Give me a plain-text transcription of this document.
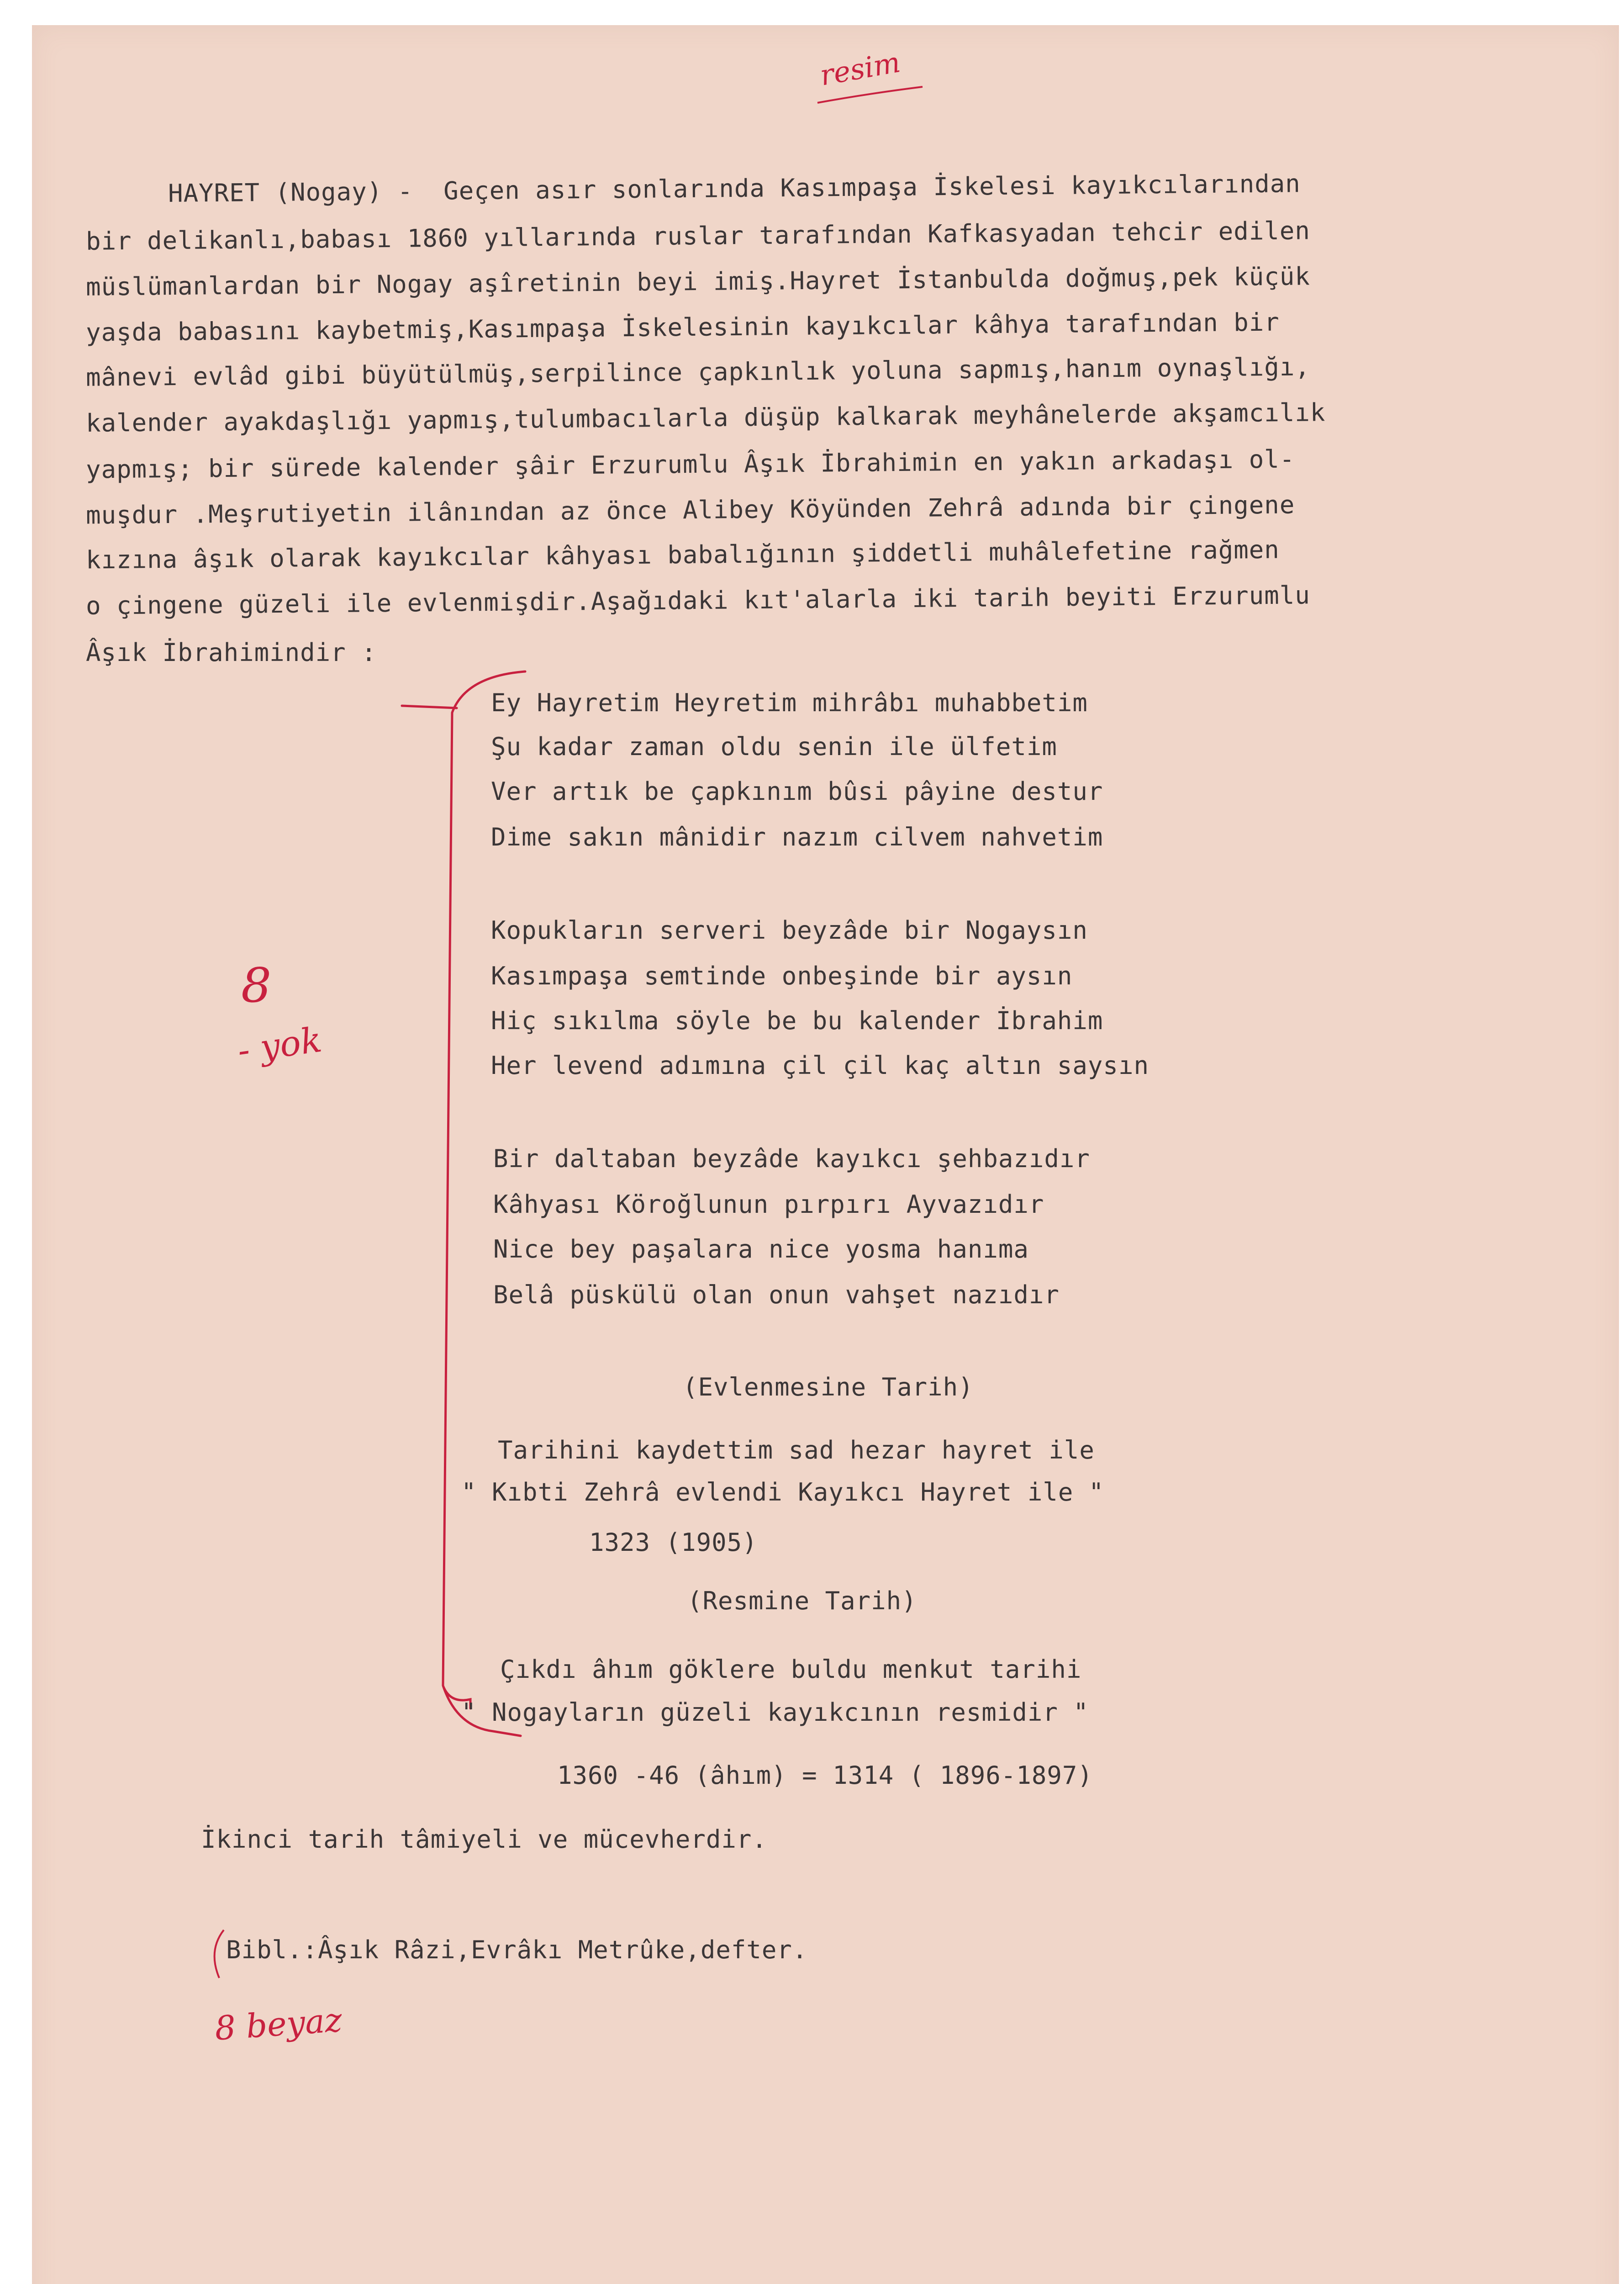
resim
8
- yok
8 beyaz
HAYRET (Nogay) -  Geçen asır sonlarında Kasımpaşa İskelesi kayıkcılarından
bir delikanlı,babası 1860 yıllarında ruslar tarafından Kafkasyadan tehcir edilen
müslümanlardan bir Nogay aşîretinin beyi imiş.Hayret İstanbulda doğmuş,pek küçük
yaşda babasını kaybetmiş,Kasımpaşa İskelesinin kayıkcılar kâhya tarafından bir
mânevi evlâd gibi büyütülmüş,serpilince çapkınlık yoluna sapmış,hanım oynaşlığı,
kalender ayakdaşlığı yapmış,tulumbacılarla düşüp kalkarak meyhânelerde akşamcılık
yapmış; bir sürede kalender şâir Erzurumlu Âşık İbrahimin en yakın arkadaşı ol-
muşdur .Meşrutiyetin ilânından az önce Alibey Köyünden Zehrâ adında bir çingene
kızına âşık olarak kayıkcılar kâhyası babalığının şiddetli muhâlefetine rağmen
o çingene güzeli ile evlenmişdir.Aşağıdaki kıt'alarla iki tarih beyiti Erzurumlu
Âşık İbrahimindir :
Ey Hayretim Heyretim mihrâbı muhabbetim
Şu kadar zaman oldu senin ile ülfetim
Ver artık be çapkınım bûsi pâyine destur
Dime sakın mânidir nazım cilvem nahvetim
Kopukların serveri beyzâde bir Nogaysın
Kasımpaşa semtinde onbeşinde bir aysın
Hiç sıkılma söyle be bu kalender İbrahim
Her levend adımına çil çil kaç altın saysın
Bir daltaban beyzâde kayıkcı şehbazıdır
Kâhyası Köroğlunun pırpırı Ayvazıdır
Nice bey paşalara nice yosma hanıma
Belâ püskülü olan onun vahşet nazıdır
(Evlenmesine Tarih)
Tarihini kaydettim sad hezar hayret ile
" Kıbti Zehrâ evlendi Kayıkcı Hayret ile "
1323 (1905)
(Resmine Tarih)
Çıkdı âhım göklere buldu menkut tarihi
" Nogayların güzeli kayıkcının resmidir "
1360 -46 (âhım) = 1314 ( 1896-1897)
İkinci tarih tâmiyeli ve mücevherdir.
Bibl.:Âşık Râzi,Evrâkı Metrûke,defter.
